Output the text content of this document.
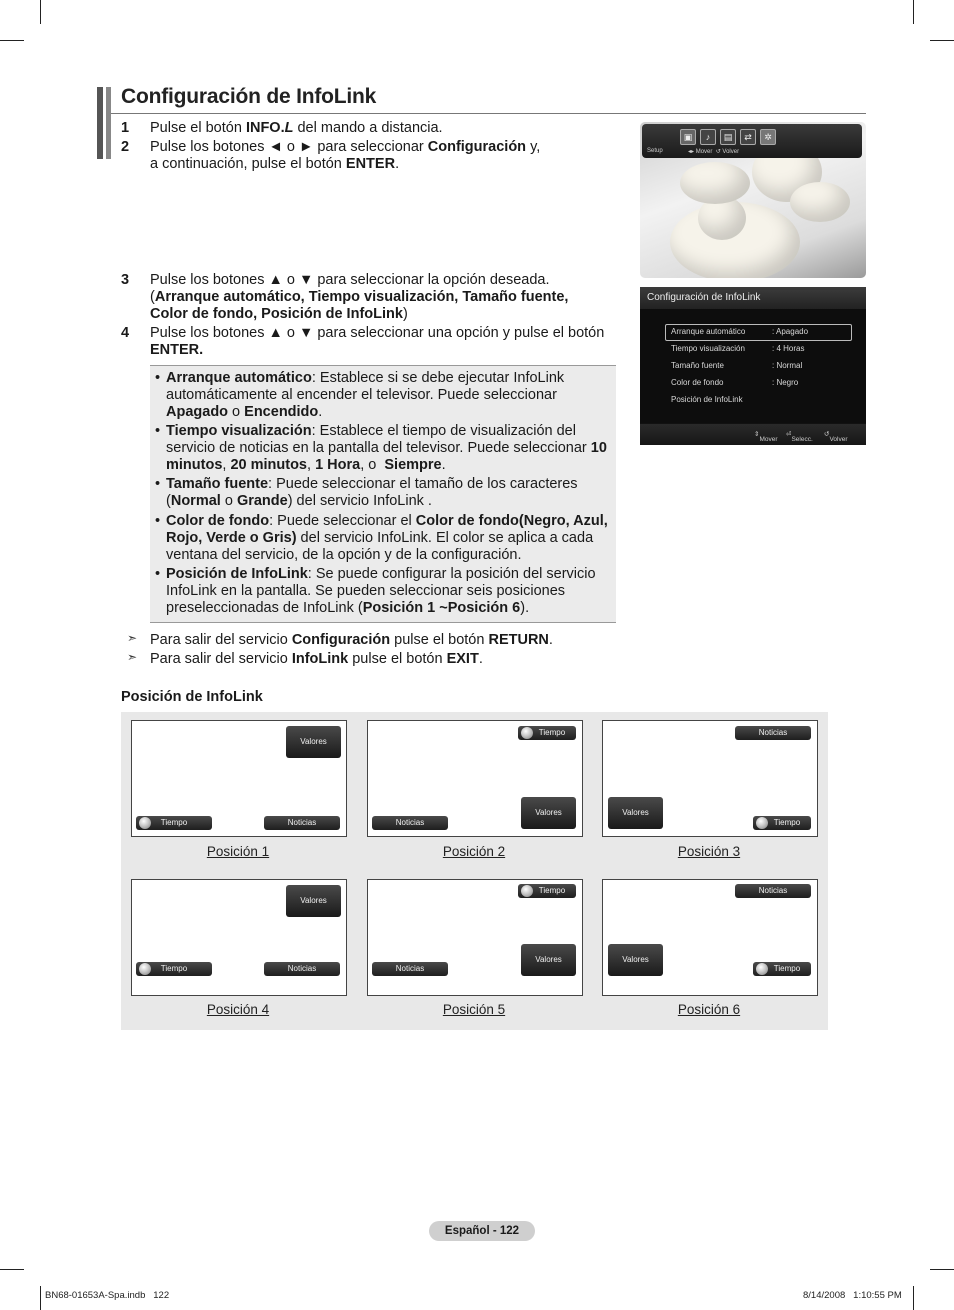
Configuración de InfoLink
1 Pulse el botón INFO.L del mando a distancia.
2 Pulse los botones ◄ o ► para seleccionar Configuración y,
a continuación, pulse el botón ENTER.
3 Pulse los botones ▲ o ▼ para seleccionar la opción deseada.
(Arranque automático, Tiempo visualización, Tamaño fuente,
Color de fondo, Posición de InfoLink)
4 Pulse los botones ▲ o ▼ para seleccionar una opción y pulse el botón
ENTER.
▣	♪	▤	⇄	✲
Setup	◂▸ Mover  ↺ Volver
Configuración de InfoLink
Arranque automático	: Apagado
Tiempo visualización	: 4 Horas
Tamaño fuente	: Normal
Color de fondo	: Negro
Posición de InfoLink
⇕
Mover
⏎
Selecc.
↺
Volver
• Arranque automático: Establece si se debe ejecutar InfoLink
automáticamente al encender el televisor. Puede seleccionar
Apagado o Encendido.
• Tiempo visualización: Establece el tiempo de visualización del
servicio de noticias en la pantalla del televisor. Puede seleccionar 10
minutos, 20 minutos, 1 Hora, o  Siempre.
• Tamaño fuente: Puede seleccionar el tamaño de los caracteres
(Normal o Grande) del servicio InfoLink .
• Color de fondo: Puede seleccionar el Color de fondo(Negro, Azul,
Rojo, Verde o Gris) del servicio InfoLink. El color se aplica a cada
ventana del servicio, de la opción y de la configuración.
• Posición de InfoLink: Se puede configurar la posición del servicio
InfoLink en la pantalla. Se pueden seleccionar seis posiciones
preseleccionadas de InfoLink (Posición 1 ~Posición 6).
➣ Para salir del servicio Configuración pulse el botón RETURN.
➣ Para salir del servicio InfoLink pulse el botón EXIT.
Posición de InfoLink
Valores
Tiempo	Noticias
Tiempo
Valores
Noticias
Noticias
Valores
Tiempo
Posición 1	Posición 2	Posición 3
Valores
Tiempo	Noticias
Tiempo
Valores
Noticias
Noticias
Valores
Tiempo
Posición 4	Posición 5	Posición 6
Español - 122
BN68-01653A-Spa.indb   122	8/14/2008   1:10:55 PM
